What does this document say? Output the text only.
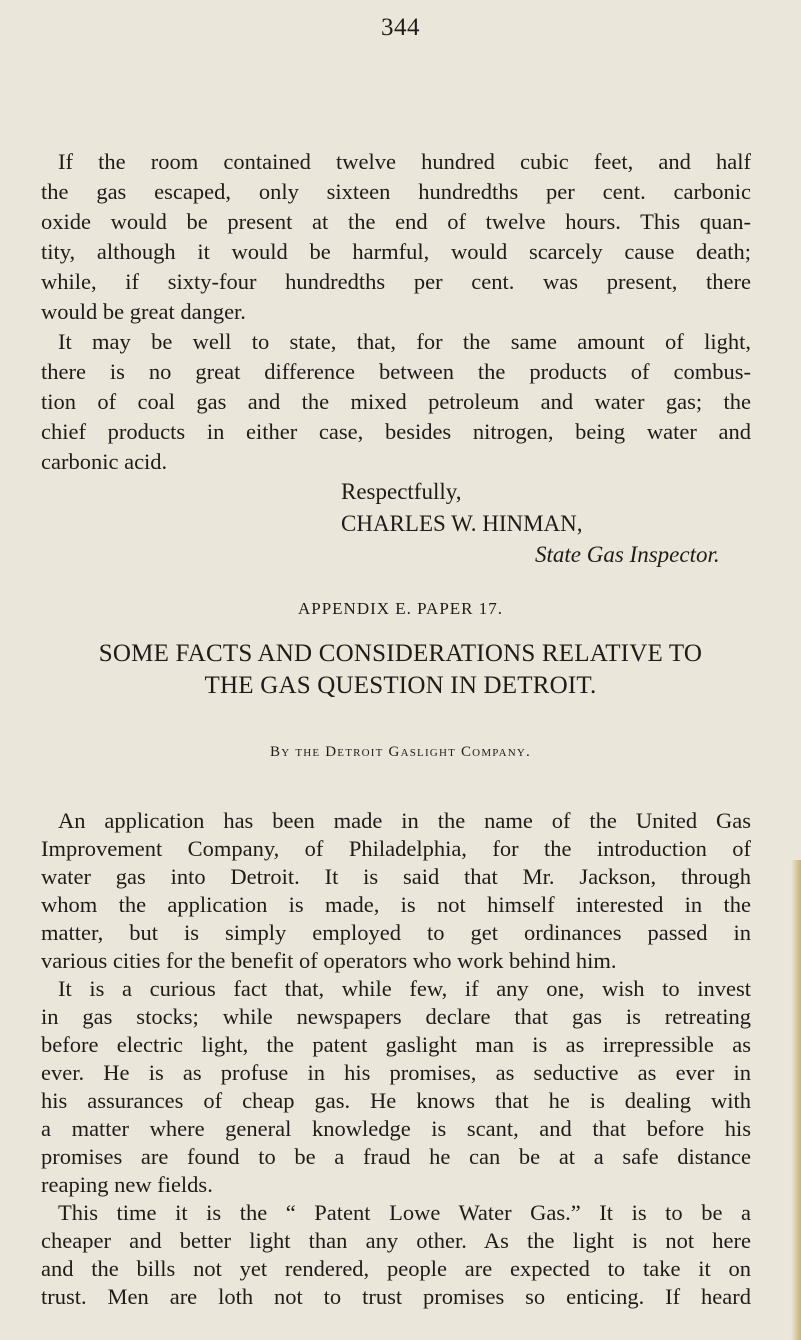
344
If the room contained twelve hundred cubic feet, and half
the gas escaped, only sixteen hundredths per cent. carbonic
oxide would be present at the end of twelve hours. This quan-
tity, although it would be harmful, would scarcely cause death;
while, if sixty-four hundredths per cent. was present, there
would be great danger.
It may be well to state, that, for the same amount of light,
there is no great difference between the products of combus-
tion of coal gas and the mixed petroleum and water gas; the
chief products in either case, besides nitrogen, being water and
carbonic acid.
Respectfully,
CHARLES W. HINMAN,
State Gas Inspector.
APPENDIX E. PAPER 17.
SOME FACTS AND CONSIDERATIONS RELATIVE TO
THE GAS QUESTION IN DETROIT.
By the Detroit Gaslight Company.
An application has been made in the name of the United Gas
Improvement Company, of Philadelphia, for the introduction of
water gas into Detroit. It is said that Mr. Jackson, through
whom the application is made, is not himself interested in the
matter, but is simply employed to get ordinances passed in
various cities for the benefit of operators who work behind him.
It is a curious fact that, while few, if any one, wish to invest
in gas stocks; while newspapers declare that gas is retreating
before electric light, the patent gaslight man is as irrepressible as
ever. He is as profuse in his promises, as seductive as ever in
his assurances of cheap gas. He knows that he is dealing with
a matter where general knowledge is scant, and that before his
promises are found to be a fraud he can be at a safe distance
reaping new fields.
This time it is the “ Patent Lowe Water Gas.” It is to be a
cheaper and better light than any other. As the light is not here
and the bills not yet rendered, people are expected to take it on
trust. Men are loth not to trust promises so enticing. If heard
